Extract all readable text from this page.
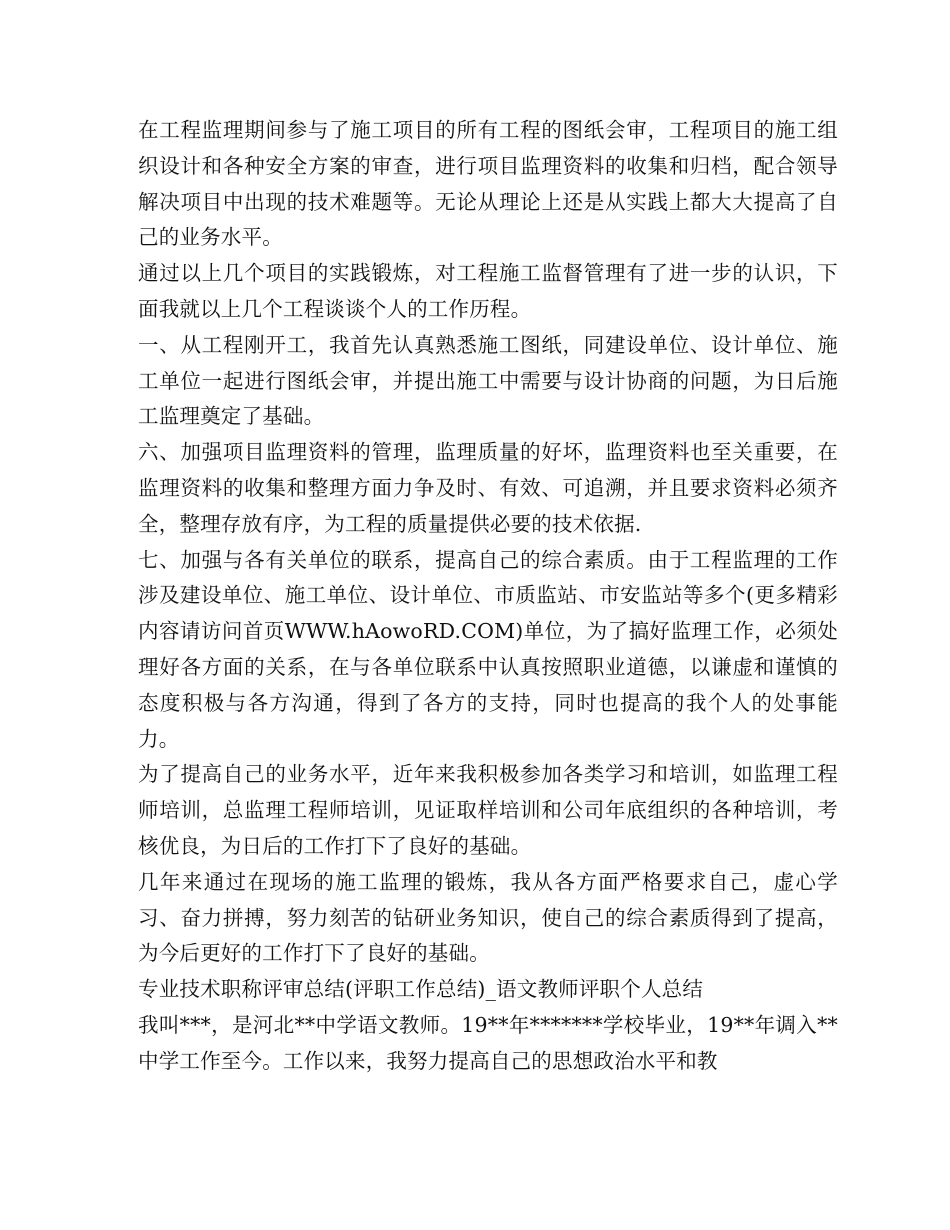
在工程监理期间参与了施工项目的所有工程的图纸会审，工程项目的施工组织设计和各种安全方案的审查，进行项目监理资料的收集和归档，配合领导解决项目中出现的技术难题等。无论从理论上还是从实践上都大大提高了自己的业务水平。

通过以上几个项目的实践锻炼，对工程施工监督管理有了进一步的认识，下面我就以上几个工程谈谈个人的工作历程。

一、从工程刚开工，我首先认真熟悉施工图纸，同建设单位、设计单位、施工单位一起进行图纸会审，并提出施工中需要与设计协商的问题，为日后施工监理奠定了基础。

六、加强项目监理资料的管理，监理质量的好坏，监理资料也至关重要，在监理资料的收集和整理方面力争及时、有效、可追溯，并且要求资料必须齐全，整理存放有序，为工程的质量提供必要的技术依据.

七、加强与各有关单位的联系，提高自己的综合素质。由于工程监理的工作涉及建设单位、施工单位、设计单位、市质监站、市安监站等多个(更多精彩内容请访问首页WWW.hAowoRD.COM)单位，为了搞好监理工作，必须处理好各方面的关系，在与各单位联系中认真按照职业道德，以谦虚和谨慎的态度积极与各方沟通，得到了各方的支持，同时也提高的我个人的处事能力。

为了提高自己的业务水平，近年来我积极参加各类学习和培训，如监理工程师培训，总监理工程师培训，见证取样培训和公司年底组织的各种培训，考核优良，为日后的工作打下了良好的基础。

几年来通过在现场的施工监理的锻炼，我从各方面严格要求自己，虚心学习、奋力拼搏，努力刻苦的钻研业务知识，使自己的综合素质得到了提高，为今后更好的工作打下了良好的基础。

专业技术职称评审总结(评职工作总结)_语文教师评职个人总结

我叫***，是河北**中学语文教师。19**年*******学校毕业，19**年调入**中学工作至今。工作以来，我努力提高自己的思想政治水平和教
